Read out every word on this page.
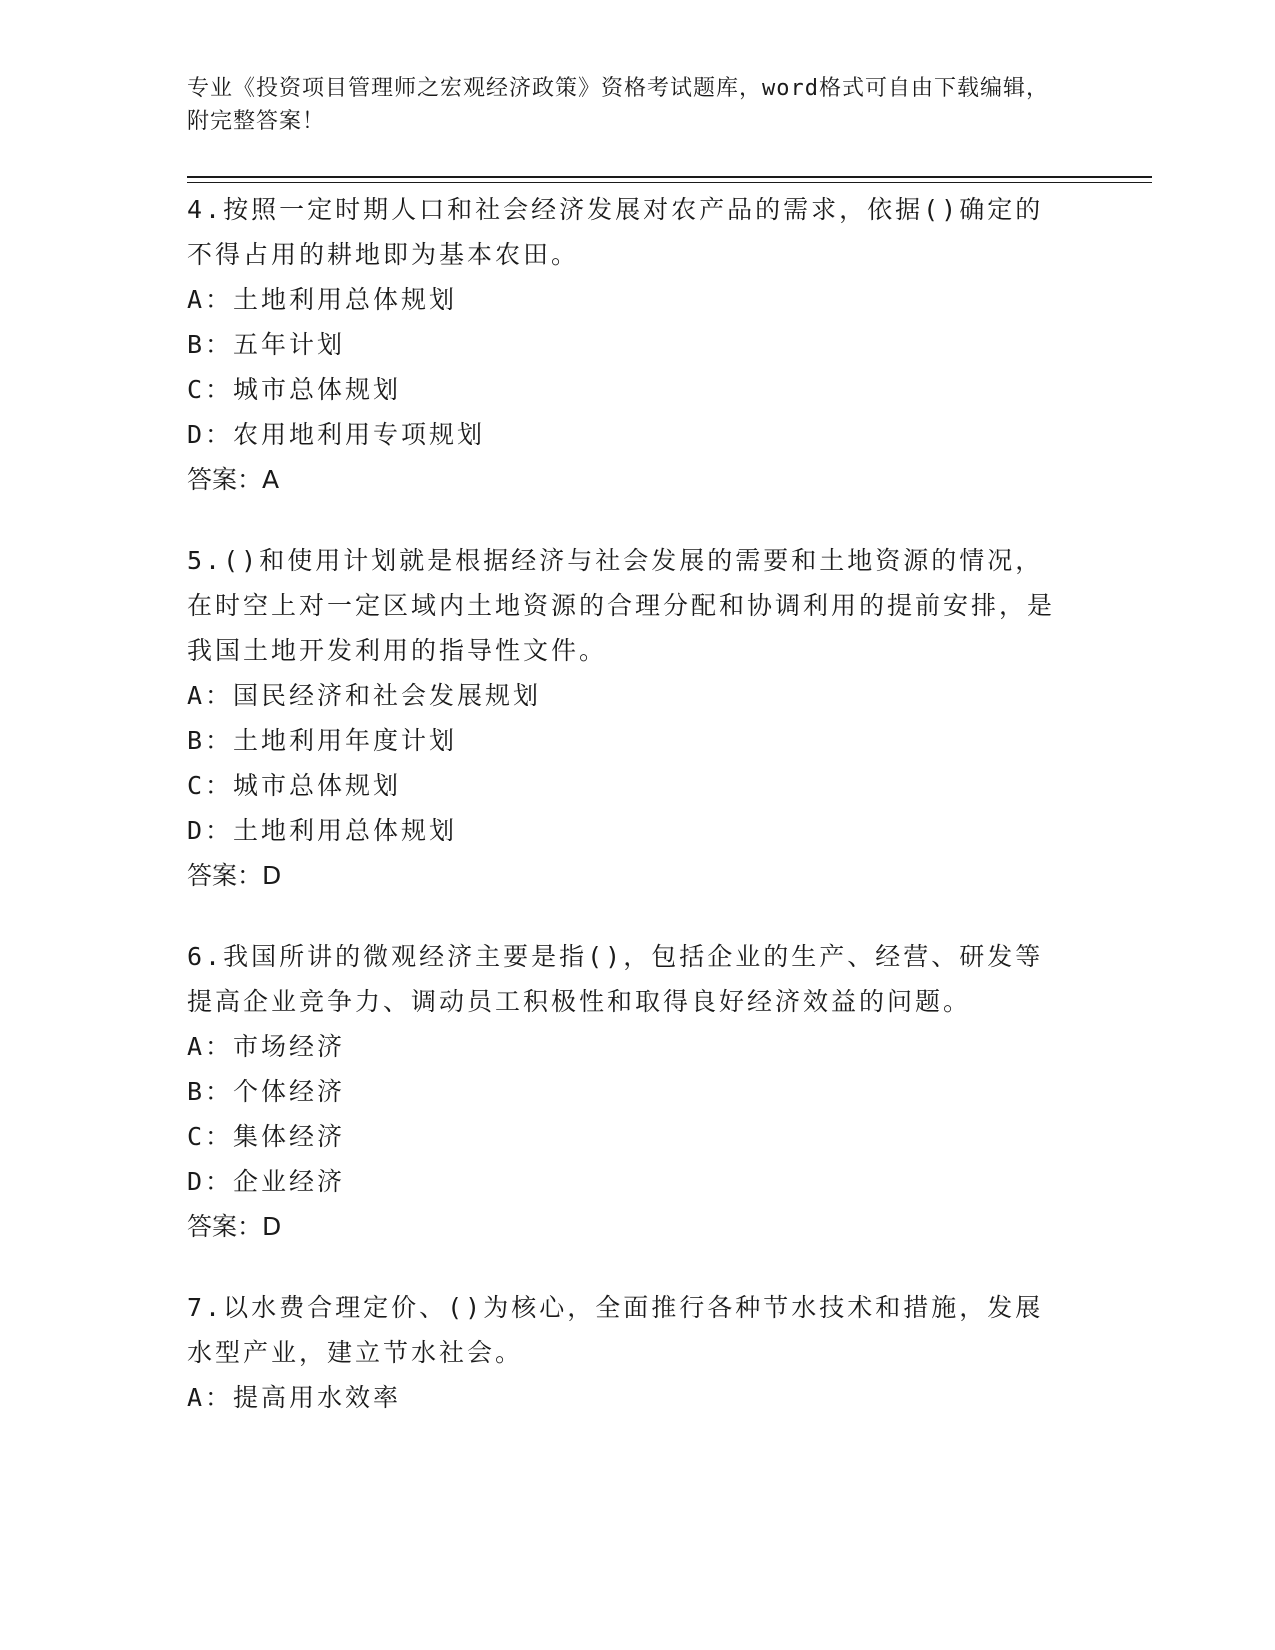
专业《投资项目管理师之宏观经济政策》资格考试题库，word格式可自由下载编辑，附完整答案！
4.按照一定时期人口和社会经济发展对农产品的需求，依据()确定的不得占用的耕地即为基本农田。
A：土地利用总体规划
B：五年计划
C：城市总体规划
D：农用地利用专项规划
答案：A
5.()和使用计划就是根据经济与社会发展的需要和土地资源的情况，在时空上对一定区域内土地资源的合理分配和协调利用的提前安排，是我国土地开发利用的指导性文件。
A：国民经济和社会发展规划
B：土地利用年度计划
C：城市总体规划
D：土地利用总体规划
答案：D
6.我国所讲的微观经济主要是指()，包括企业的生产、经营、研发等提高企业竞争力、调动员工积极性和取得良好经济效益的问题。
A：市场经济
B：个体经济
C：集体经济
D：企业经济
答案：D
7.以水费合理定价、()为核心，全面推行各种节水技术和措施，发展水型产业，建立节水社会。
A：提高用水效率
